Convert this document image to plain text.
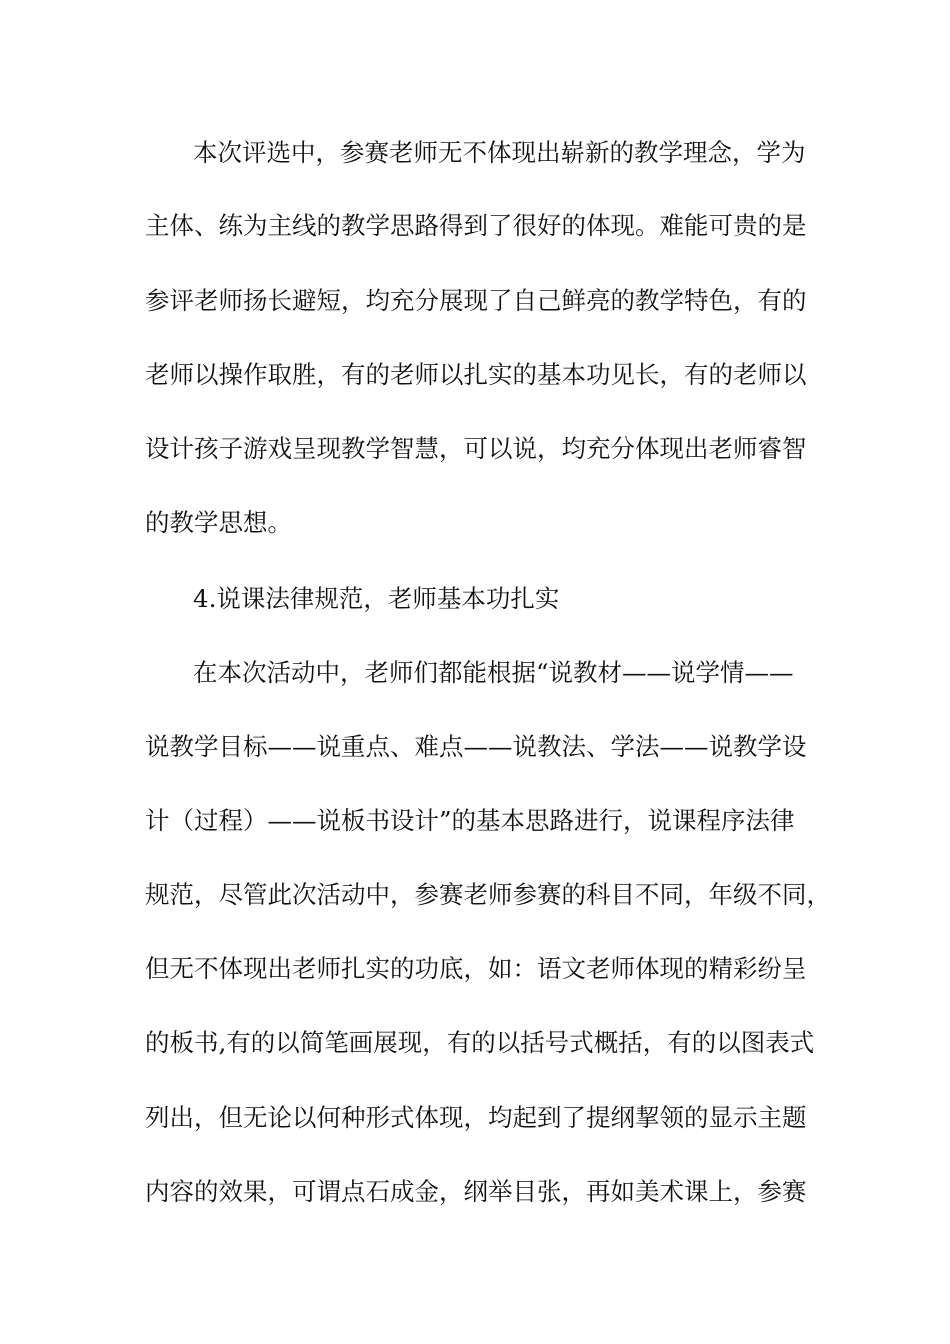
本次评选中，参赛老师无不体现出崭新的教学理念，学为
主体、练为主线的教学思路得到了很好的体现。难能可贵的是
参评老师扬长避短，均充分展现了自己鲜亮的教学特色，有的
老师以操作取胜，有的老师以扎实的基本功见长，有的老师以
设计孩子游戏呈现教学智慧，可以说，均充分体现出老师睿智
的教学思想。
4.说课法律规范，老师基本功扎实
在本次活动中，老师们都能根据“说教材——说学情——
说教学目标——说重点、难点——说教法、学法——说教学设
计（过程）——说板书设计”的基本思路进行，说课程序法律
规范，尽管此次活动中，参赛老师参赛的科目不同，年级不同，
但无不体现出老师扎实的功底，如：语文老师体现的精彩纷呈
的板书,有的以简笔画展现，有的以括号式概括，有的以图表式
列出，但无论以何种形式体现，均起到了提纲挈领的显示主题
内容的效果，可谓点石成金，纲举目张，再如美术课上，参赛
